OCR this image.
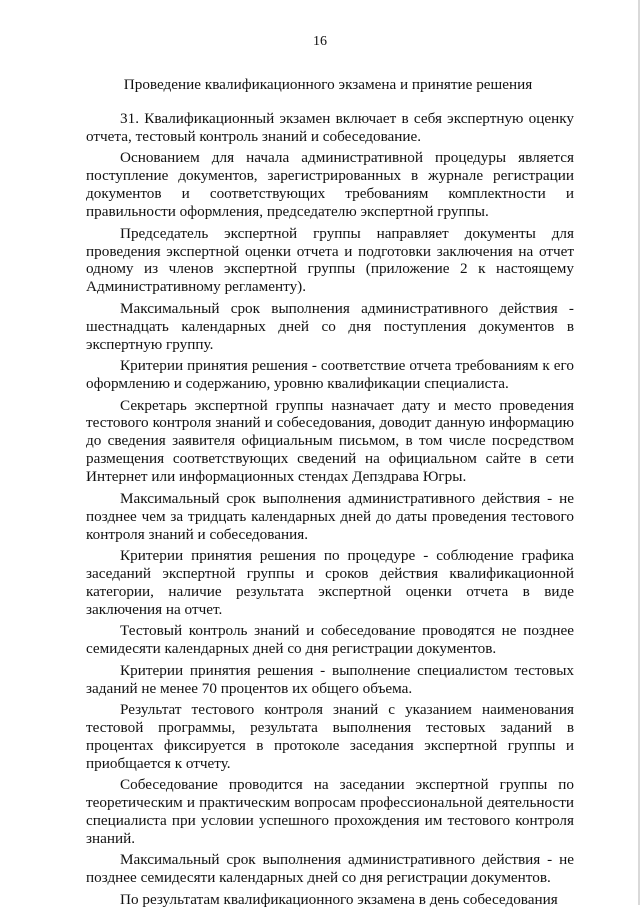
16
Проведение квалификационного экзамена и принятие решения

31. Квалификационный экзамен включает в себя экспертную оценку отчета, тестовый контроль знаний и собеседование.

Основанием для начала административной процедуры является поступление документов, зарегистрированных в журнале регистрации документов и соответствующих требованиям комплектности и правильности оформления, председателю экспертной группы.

Председатель экспертной группы направляет документы для проведения экспертной оценки отчета и подготовки заключения на отчет одному из членов экспертной группы (приложение 2 к настоящему Административному регламенту).

Максимальный срок выполнения административного действия - шестнадцать календарных дней со дня поступления документов в экспертную группу.

Критерии принятия решения - соответствие отчета требованиям к его оформлению и содержанию, уровню квалификации специалиста.

Секретарь экспертной группы назначает дату и место проведения тестового контроля знаний и собеседования, доводит данную информацию до сведения заявителя официальным письмом, в том числе посредством размещения соответствующих сведений на официальном сайте в сети Интернет или информационных стендах Депздрава Югры.

Максимальный срок выполнения административного действия - не позднее чем за тридцать календарных дней до даты проведения тестового контроля знаний и собеседования.

Критерии принятия решения по процедуре - соблюдение графика заседаний экспертной группы и сроков действия квалификационной категории, наличие результата экспертной оценки отчета в виде заключения на отчет.

Тестовый контроль знаний и собеседование проводятся не позднее семидесяти календарных дней со дня регистрации документов.

Критерии принятия решения - выполнение специалистом тестовых заданий не менее 70 процентов их общего объема.

Результат тестового контроля знаний с указанием наименования тестовой программы, результата выполнения тестовых заданий в процентах фиксируется в протоколе заседания экспертной группы и приобщается к отчету.

Собеседование проводится на заседании экспертной группы по теоретическим и практическим вопросам профессиональной деятельности специалиста при условии успешного прохождения им тестового контроля знаний.

Максимальный срок выполнения административного действия - не позднее семидесяти календарных дней со дня регистрации документов.

По результатам квалификационного экзамена в день собеседования
